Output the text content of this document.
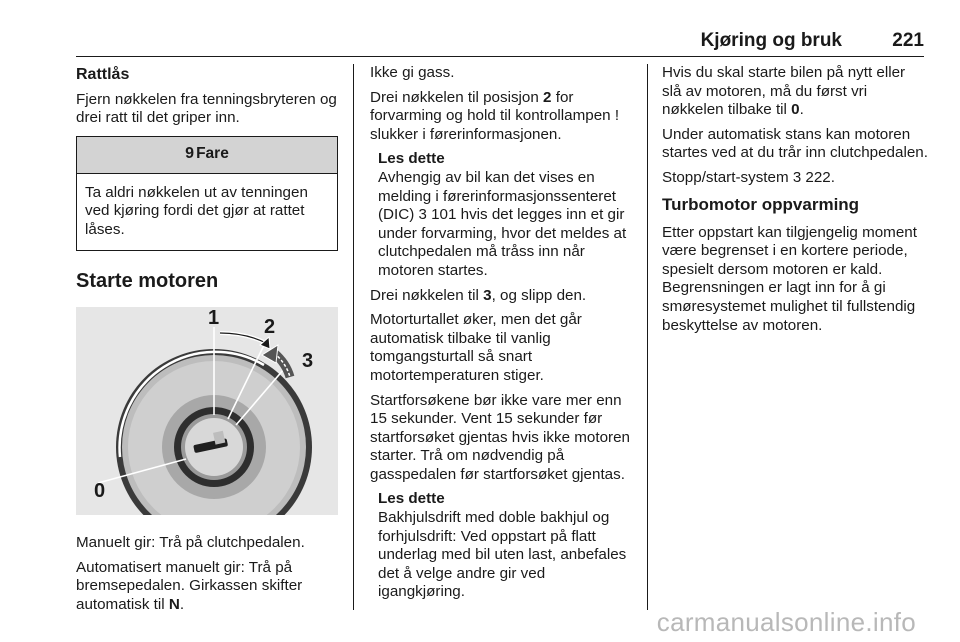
Kjøring og bruk	221
Rattlås

Fjern nøkkelen fra tenningsbryteren og drei ratt til det griper inn.

9 Fare

Ta aldri nøkkelen ut av tenningen ved kjøring fordi det gjør at rattet låses.

Starte motoren
0
1 2
3

Manuelt gir: Trå på clutchpedalen.

Automatisert manuelt gir: Trå på bremsepedalen. Girkassen skifter automatisk til N.

Ikke gi gass.

Drei nøkkelen til posisjon 2 for forvarming og hold til kontrollampen ! slukker i førerinformasjonen.

Les dette
Avhengig av bil kan det vises en melding i førerinformasjonssenteret (DIC) 3 101 hvis det legges inn et gir under forvarming, hvor det meldes at clutchpedalen må tråss inn når motoren startes.

Drei nøkkelen til 3, og slipp den.

Motorturtallet øker, men det går automatisk tilbake til vanlig tomgangsturtall så snart motortemperaturen stiger.

Startforsøkene bør ikke vare mer enn 15 sekunder. Vent 15 sekunder før startforsøket gjentas hvis ikke motoren starter. Trå om nødvendig på gasspedalen før startforsøket gjentas.

Les dette
Bakhjulsdrift med doble bakhjul og forhjulsdrift: Ved oppstart på flatt underlag med bil uten last, anbefales det å velge andre gir ved igangkjøring.

Hvis du skal starte bilen på nytt eller slå av motoren, må du først vri nøkkelen tilbake til 0.

Under automatisk stans kan motoren startes ved at du trår inn clutchpedalen.

Stopp/start-system 3 222.

Turbomotor oppvarming

Etter oppstart kan tilgjengelig moment være begrenset i en kortere periode, spesielt dersom motoren er kald. Begrensningen er lagt inn for å gi smøresystemet mulighet til fullstendig beskyttelse av motoren.

carmanualsonline.info
